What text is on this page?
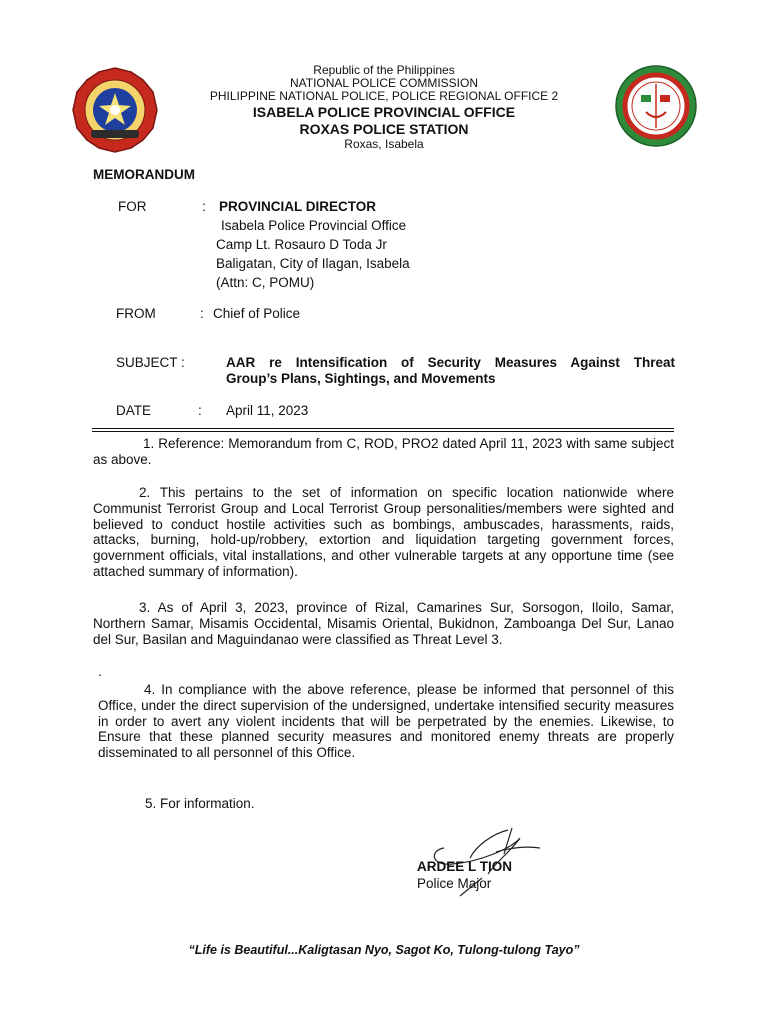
Republic of the Philippines
NATIONAL POLICE COMMISSION
PHILIPPINE NATIONAL POLICE, POLICE REGIONAL OFFICE 2
ISABELA POLICE PROVINCIAL OFFICE
ROXAS POLICE STATION
Roxas, Isabela
MEMORANDUM
FOR	: PROVINCIAL DIRECTOR
Isabela Police Provincial Office
Camp Lt. Rosauro D Toda Jr
Baligatan, City of Ilagan, Isabela
(Attn: C, POMU)
FROM	: Chief of Police
SUBJECT :	AAR re Intensification of Security Measures Against Threat
Group’s Plans, Sightings, and Movements
DATE	: April 11, 2023
1. Reference: Memorandum from C, ROD, PRO2 dated April 11, 2023 with same subject as above.
2. This pertains to the set of information on specific location nationwide where Communist Terrorist Group and Local Terrorist Group personalities/members were sighted and believed to conduct hostile activities such as bombings, ambuscades, harassments, raids, attacks, burning, hold-up/robbery, extortion and liquidation targeting government forces, government officials, vital installations, and other vulnerable targets at any opportune time (see attached summary of information).
3. As of April 3, 2023, province of Rizal, Camarines Sur, Sorsogon, Iloilo, Samar, Northern Samar, Misamis Occidental, Misamis Oriental, Bukidnon, Zamboanga Del Sur, Lanao del Sur, Basilan and Maguindanao were classified as Threat Level 3.
.
4. In compliance with the above reference, please be informed that personnel of this Office, under the direct supervision of the undersigned, undertake intensified security measures in order to avert any violent incidents that will be perpetrated by the enemies. Likewise, to Ensure that these planned security measures and monitored enemy threats are properly disseminated to all personnel of this Office.
5. For information.
ARDEE L TION
Police Major
“Life is Beautiful...Kaligtasan Nyo, Sagot Ko, Tulong-tulong Tayo”
